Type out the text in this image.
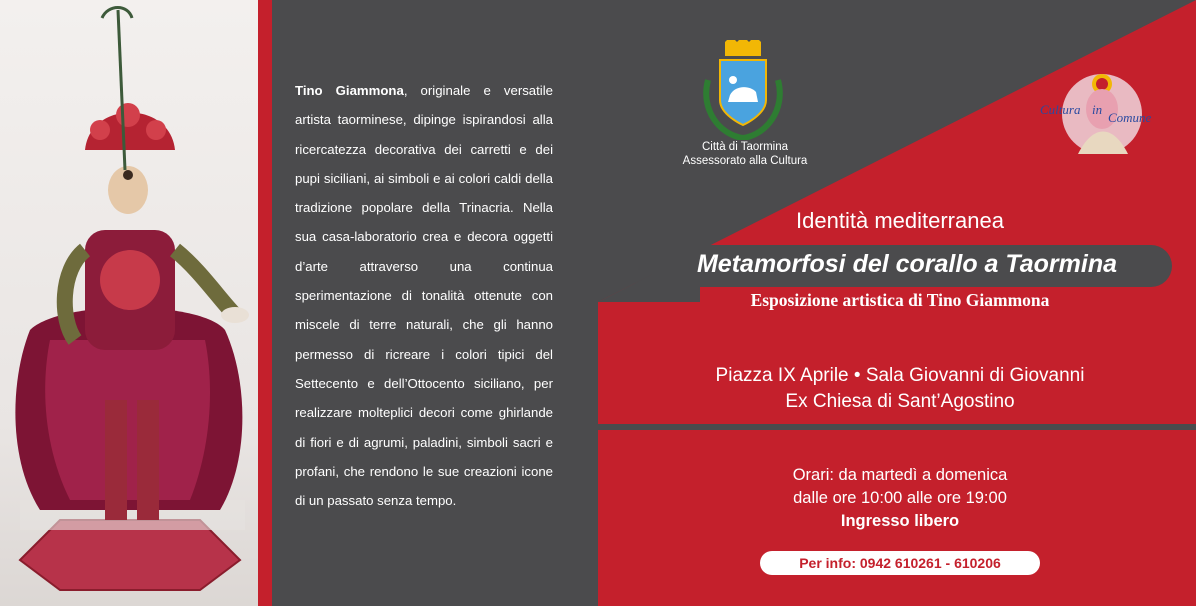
Tino Giammona, originale e versatile artista taorminese, dipinge ispirandosi alla ricercatezza decorativa dei carretti e dei pupi siciliani, ai simboli e ai colori caldi della tradizione popolare della Trinacria. Nella sua casa-laboratorio crea e decora oggetti d’arte attraverso una continua sperimentazione di tonalità ottenute con miscele di terre naturali, che gli hanno permesso di ricreare i colori tipici del Settecento e dell’Ottocento siciliano, per realizzare molteplici decori come ghirlande di fiori e di agrumi, paladini, simboli sacri e profani, che rendono le sue creazioni icone di un passato senza tempo.
Città di Taormina
Assessorato alla Cultura
Cultura in
Comune
Identità mediterranea
Metamorfosi del corallo a Taormina
Esposizione artistica di Tino Giammona
Piazza IX Aprile • Sala Giovanni di Giovanni
Ex Chiesa di Sant’Agostino
Orari: da martedì a domenica
dalle ore 10:00 alle ore 19:00
Ingresso libero
Per info: 0942 610261 - 610206
